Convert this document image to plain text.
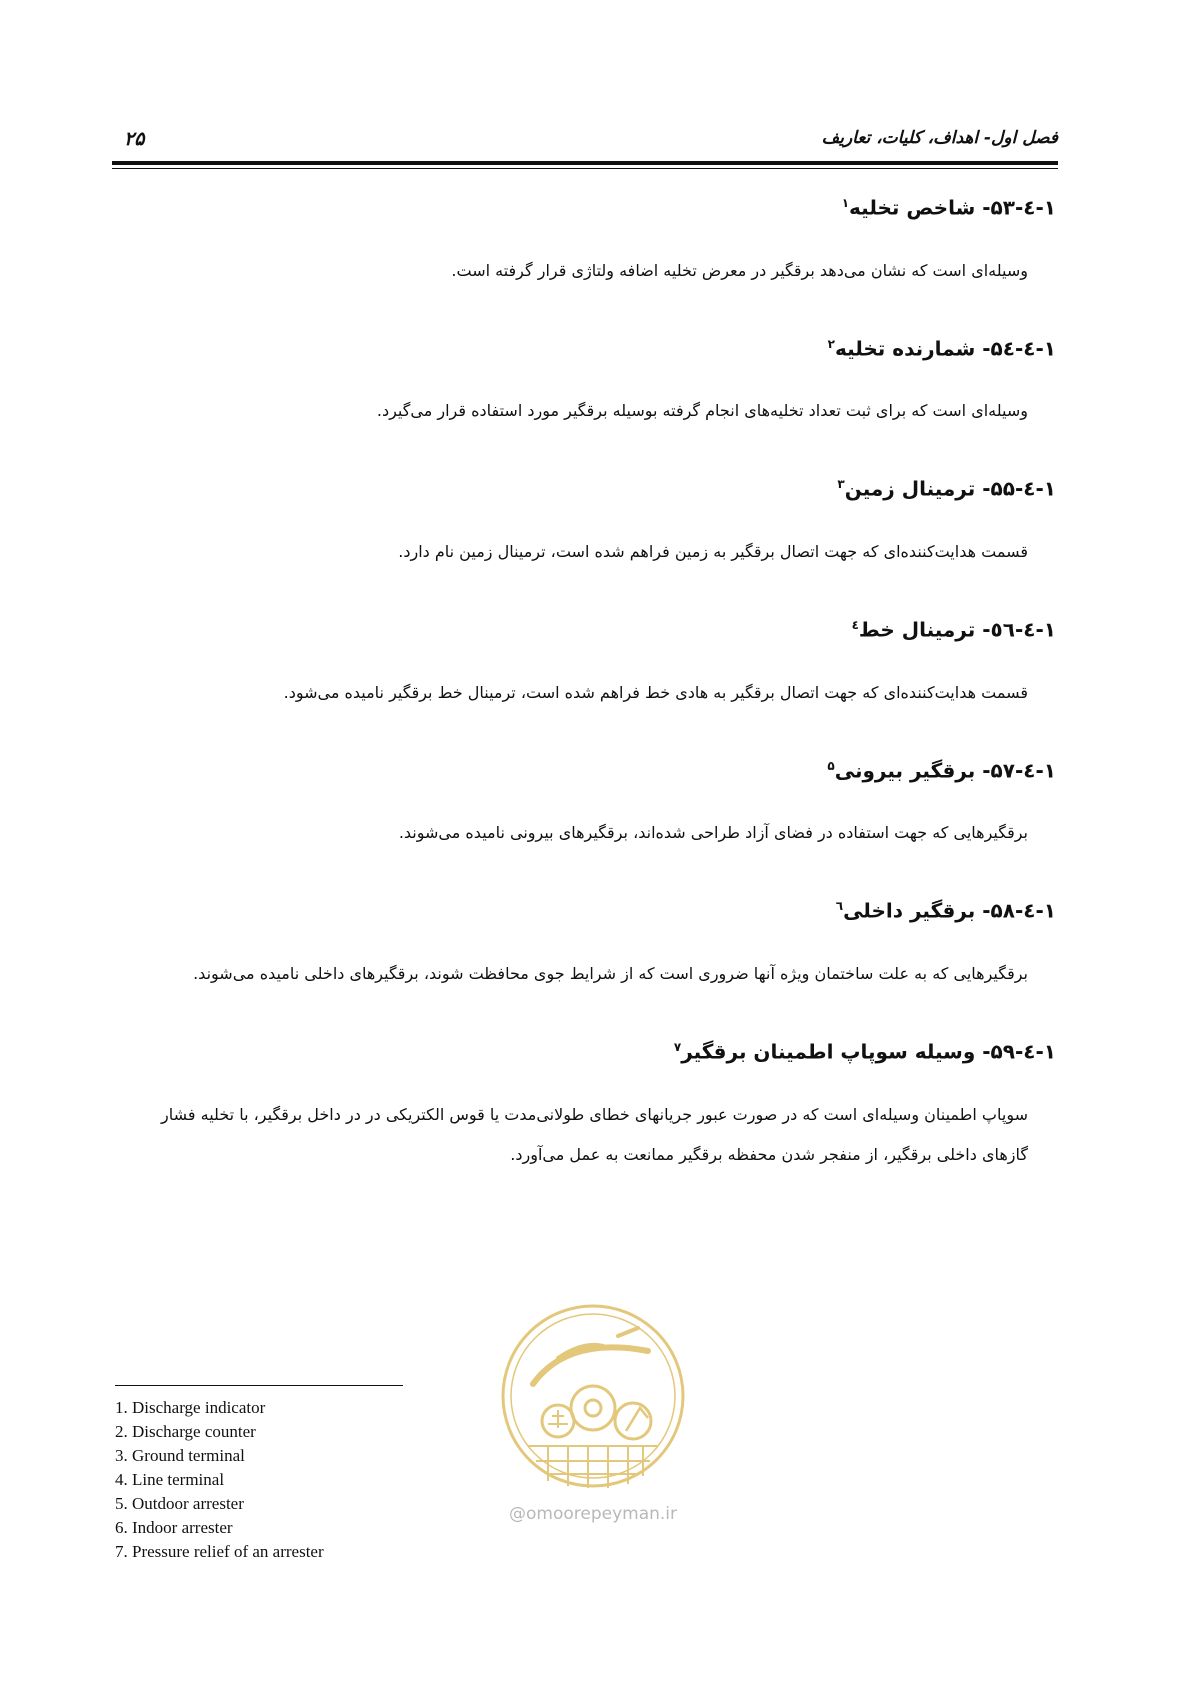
فصل اول- اهداف، کلیات، تعاریف
۲۵
۱-٤-۵۳- شاخص تخلیه$^۱$

وسیله‌ای است که نشان می‌دهد برقگیر در معرض تخلیه اضافه ولتاژی قرار گرفته است.

۱-٤-۵٤- شمارنده تخلیه$^۲$

وسیله‌ای است که برای ثبت تعداد تخلیه‌های انجام گرفته بوسیله برقگیر مورد استفاده قرار می‌گیرد.

۱-٤-۵۵- ترمینال زمین$^۳$

قسمت هدایت‌کننده‌ای که جهت اتصال برقگیر به زمین فراهم شده است، ترمینال زمین نام دارد.

۱-٤-٥٦- ترمینال خط$^٤$

قسمت هدایت‌کننده‌ای که جهت اتصال برقگیر به هادی خط فراهم شده است، ترمینال خط برقگیر نامیده می‌شود.

۱-٤-۵۷- برقگیر بیرونی$^۵$

برقگیرهایی که جهت استفاده در فضای آزاد طراحی شده‌اند، برقگیرهای بیرونی نامیده می‌شوند.

۱-٤-۵۸- برقگیر داخلی$^٦$

برقگیرهایی که به علت ساختمان ویژه آنها ضروری است که از شرایط جوی محافظت شوند، برقگیرهای داخلی نامیده می‌شوند.

۱-٤-۵۹- وسیله سوپاپ اطمینان برقگیر$^۷$

سوپاپ اطمینان وسیله‌ای است که در صورت عبور جریانهای خطای طولانی‌مدت یا قوس الکتریکی در در داخل برقگیر، با تخلیه فشار گازهای داخلی برقگیر، از منفجر شدن محفظه برقگیر ممانعت به عمل می‌آورد.

@omoorepeyman.ir
1. Discharge indicator
2. Discharge counter
3. Ground terminal
4. Line terminal
5. Outdoor arrester
6. Indoor arrester
7. Pressure relief of an arrester
